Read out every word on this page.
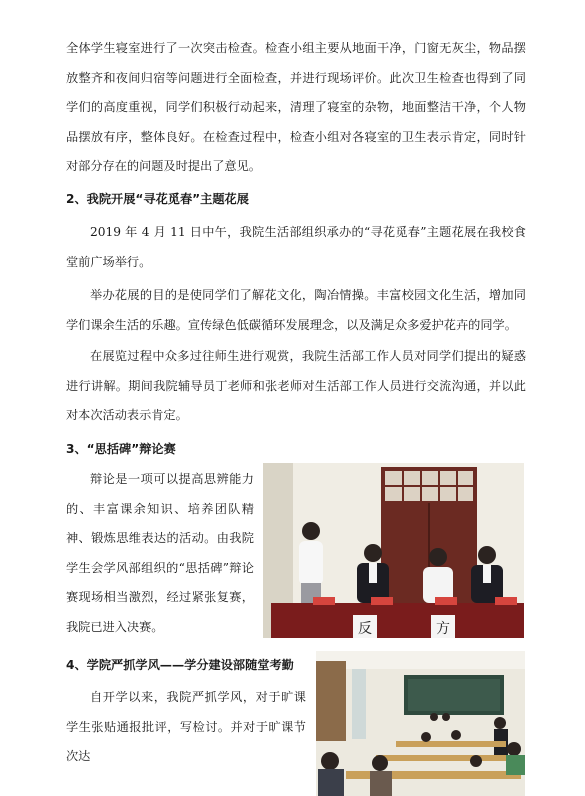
全体学生寝室进行了一次突击检查。检查小组主要从地面干净，门窗无灰尘，物品摆放整齐和夜间归宿等问题进行全面检查，并进行现场评价。此次卫生检查也得到了同学们的高度重视，同学们积极行动起来，清理了寝室的杂物，地面整洁干净，个人物品摆放有序，整体良好。在检查过程中，检查小组对各寝室的卫生表示肯定，同时针对部分存在的问题及时提出了意见。

2、我院开展“寻花觅春”主题花展

2019 年 4 月 11 日中午，我院生活部组织承办的“寻花觅春”主题花展在我校食堂前广场举行。

举办花展的目的是使同学们了解花文化，陶冶情操。丰富校园文化生活，增加同学们课余生活的乐趣。宣传绿色低碳循环发展理念，以及满足众多爱护花卉的同学。

在展览过程中众多过往师生进行观赏，我院生活部工作人员对同学们提出的疑惑进行讲解。期间我院辅导员丁老师和张老师对生活部工作人员进行交流沟通，并以此对本次活动表示肯定。

3、“思括碑”辩论赛

辩论是一项可以提高思辨能力的、丰富课余知识、培养团队精神、锻炼思维表达的活动。由我院学生会学风部组织的“思括碑”辩论赛现场相当激烈，经过紧张复赛，我院已进入决赛。

4、学院严抓学风——学分建设部随堂考勤

自开学以来，我院严抓学风，对于旷课学生张贴通报批评，写检讨。并对于旷课节次达

反	方
